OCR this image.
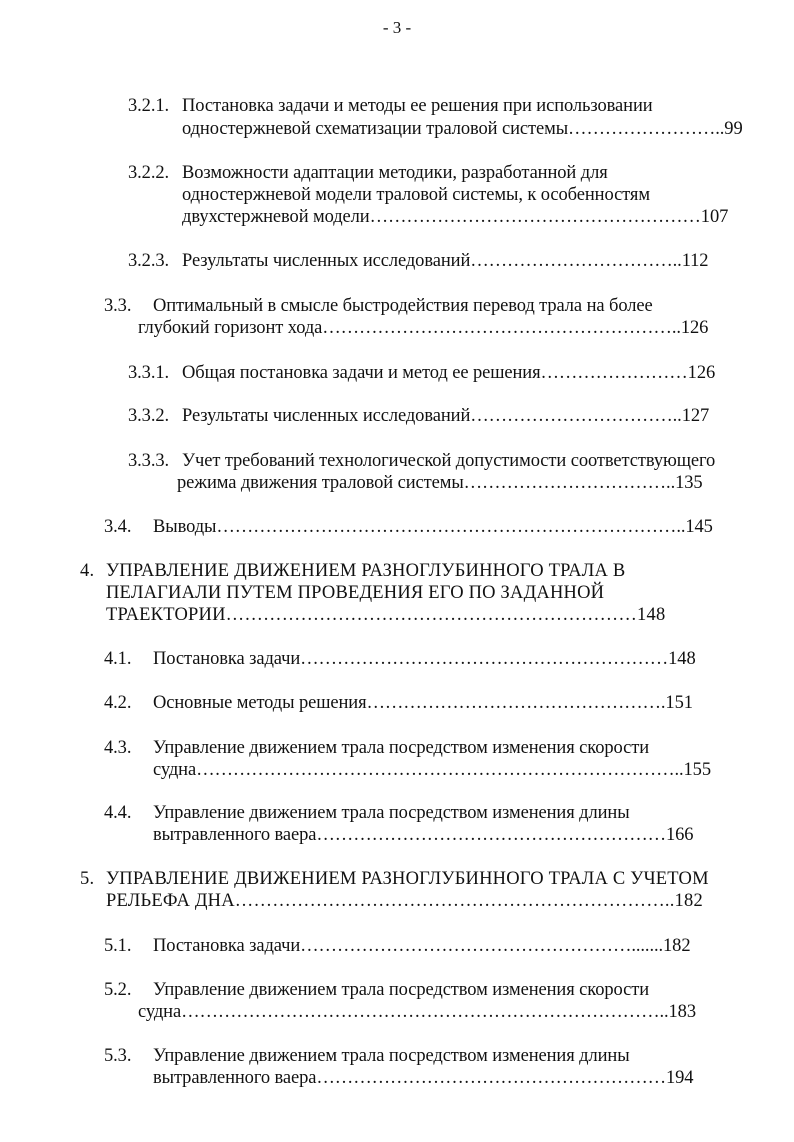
- 3 -
3.2.1. Постановка задачи и методы ее решения при использовании
одностержневой схематизации траловой системы……………………..99
3.2.2. Возможности адаптации методики, разработанной для
одностержневой модели траловой системы, к особенностям
двухстержневой модели………………………………………………107
3.2.3. Результаты численных исследований……………………………..112
3.3. Оптимальный в смысле быстродействия перевод трала на более
глубокий горизонт хода…………………………………………………..126
3.3.1. Общая постановка задачи и метод ее решения……………………126
3.3.2. Результаты численных исследований……………………………..127
3.3.3. Учет требований технологической допустимости соответствующего
режима движения траловой системы……………………………..135
3.4. Выводы…………………………………………………………………..145
4. УПРАВЛЕНИЕ ДВИЖЕНИЕМ РАЗНОГЛУБИННОГО ТРАЛА В
ПЕЛАГИАЛИ ПУТЕМ ПРОВЕДЕНИЯ ЕГО ПО ЗАДАННОЙ
ТРАЕКТОРИИ…………………………………………………………148
4.1. Постановка задачи……………………………………………………148
4.2. Основные методы решения………………………………………….151
4.3. Управление движением трала посредством изменения скорости
судна……………………………………………………………………..155
4.4. Управление движением трала посредством изменения длины
вытравленного ваера…………………………………………………166
5. УПРАВЛЕНИЕ ДВИЖЕНИЕМ РАЗНОГЛУБИННОГО ТРАЛА С УЧЕТОМ
РЕЛЬЕФА ДНА……………………………………………………………..182
5.1. Постановка задачи……………………………………………….......182
5.2. Управление движением трала посредством изменения скорости
судна……………………………………………………………………..183
5.3. Управление движением трала посредством изменения длины
вытравленного ваера…………………………………………………194
